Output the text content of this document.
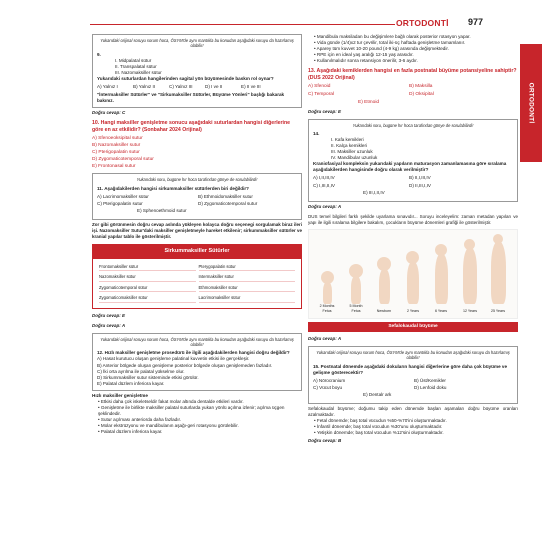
ORTODONTİ 977
ORTODONTİ
Yukarıdaki orijinal soruyu sorum hoca, ÖSYM'de aynı mantıkla bu konudan aşağıdaki soruyu da hazırlamış olabilir!
9.
I. Midpalatal sütur
II. Transpalatal sütur
III. Nazomaksiller sütur
Yukarıdaki suturlardan hangilerinden sagital yön büyümesinde baskın rol oynar?
A) Yalnız I	B) Yalnız II	C) Yalnız III	D) I ve II	E) II ve III
"İntermaksiller Sütürler" ve "Sirkumaksiller Sütürler, Büyüme Yönleri" başlığı bakarak bakınız.
Doğru cevap: C
10. Hangi maksiller genişletme sonucu aşağıdaki suturlardan hangisi diğerlerine göre en az etkilidir? (Sonbahar 2024 Orijinal)
A) Sfenoeoksipital sutur
B) Nazomaksiller sutur
C) Pterigopalatin sutur
D) Zygomaticotemporal sutur
E) Frontonasal sutur
Yukarıdaki soru, bugüne hır hoca tarafından gönye de sorulabilirdi!
11. Aşağıdakilerden hangisi sirkummaksiller sütürlerden biri değildir?
A) Lacrimomaksiller sütur	B) Ethmoidomaksiller sutur
C) Pterigopalatin sutur	D) Zygomaticotemporal sutur
E) Sphenoethmoid sutur
Zor gibi görünmesin doğru cevap aslında yükleyen kolayca doğru seçenegi sorgulamak biraz ileri işi. Nazomaksiller Sutur'daki maksiller genişletmeyle hareket etkilenir; sirkummaksiller sütürler ve kranial yapılar tablo ile gösterilmiştir.
Sirkummaksiller Sütürler
Frontomaksiller sütur	Pterygopalatin sütur
Nazomaksiller sütur	Intermaksiller sütur
Zygomaticotemporal sütur	Ethmomaksiller sütur
Zygomaticomaksiller sütur	Lacrimomaksiller sütur
Doğru cevap: E
Doğru cevap: A
Yukarıdaki orijinal soruyu sorum hoca, ÖSYM'de aynı mantıkla bu konudan aşağıdaki soruyu da hazırlamış olabilir!
12. Hızlı maksiller genişletme prosedürü ile ilgili aşağıdakilerden hangisi doğru değildir?
A) Hasat kurutucu oluşan genişleme palatinal kuvvetin etkisi ile gerçekleşir.
B) Anterior bölgede oluşan genişleme posterior bölgede oluşan genişlemeden fazladır.
C) İki orta ayrılma ile palatal yükselme olur.
D) Sirkummaksiller sutur sisteminde etkisi görülür.
E) Palatal düzlem inferiora kayar.
Hızlı maksiller genişletme
• Etkisi daha çok iskeletseldir fakat molar altında dentalde etkileri vardır.
• Genişletme ile birlikte maksiller palatal suturlarda yukarı yönlü açılma izlenir; açılma üçgen şeklindedir.
• Sutur açılması anteriorda daha fazladır.
• Molar ekstrüzyonu ve mandibulanın aşağı-geri rotasyonu görülebilir.
• Palatal düzlem inferiora kayar.
• Mandibula maksiladan bu değişimlere bağlı olarak posterior rotasyon yapar.
• Vida günde (1/4)x2 tur çevrilir, total iki-üç haftada genişletme tamamlanır.
• Aparey tüm kuvvet 10-20 pound (4-9 kg) arasında değişmektedir.
• RPE için en ideal yaş aralığı 12-15 yaş arasıdır.
• Kullanılmalıdır sonra retansiyon önerilir, 3-6 aydır.
13. Aşağıdaki kemiklerden hangisi en fazla postnatal büyüme potansiyeline sahiptir? (DUS 2022 Orijinal)
A) Sfenoid	B) Maksilla
C) Temporal	D) Oksipital
E) Etmoid
Doğru cevap: E
Yukarıdaki soru, bugüne hır hoca tarafından gönye de sorulabilirdi!
14.
I. Kafa kemikleri
II. Kalça kemikleri
III. Maksiller uzunluk
IV. Mandibular uzunluk
Kraniofasiyal kompleksin yukarıdaki yapıların maturasyon zamanlamasına göre sıralama aşağıdakilerden hangisinde doğru olarak verilmiştir?
A) I,II,III,IV	B) II,I,III,IV
C) I,III,II,IV	D) II,III,I,IV
E) III,I,II,IV
Doğru cevap: A
DUS temel bilgileri farklı şekilde uyarlama sınavıdır... Soruyu inceleyelim: zaman metadan yapıları ve yapı ile ilgili sıralama bilgilere bakalım, çocukların büyüme dönemleri grafiği ile gösterilmiştir.
2 Months Fetus
5 Month Fetus	Newborn	2 Years	6 Years	12 Years	25 Years
Sefalokaudal büyüme
Doğru cevap: A
Yukarıdaki orijinal soruyu sorum hoca, ÖSYM'de aynı mantıkla bu konudan aşağıdaki soruyu da hazırlamış olabilir!
15. Postnatal dönemde aşağıdaki dokuların hangisi diğerlerine göre daha çok büyüme ve gelişme gösterecektir?
A) Nörocranium	B) Üst/Kemikler
C) Vücut boyu	D) Lenfoid doku
E) Dentalr ark
Sefalokaudal büyüme; doğumu takip eden dönemde başlan aşamaları doğru büyüme oranları azalmaktadır.
• Fetal dönemde; baş total vücudun %50-%70'ini oluşturmaktadır.
• İnfantil dönemde; baş total vücudun %30'unu oluşturmaktadır.
• Yetişkin dönemde; baş total vücudun %12'sini oluşturmaktadır.
Doğru cevap: B
